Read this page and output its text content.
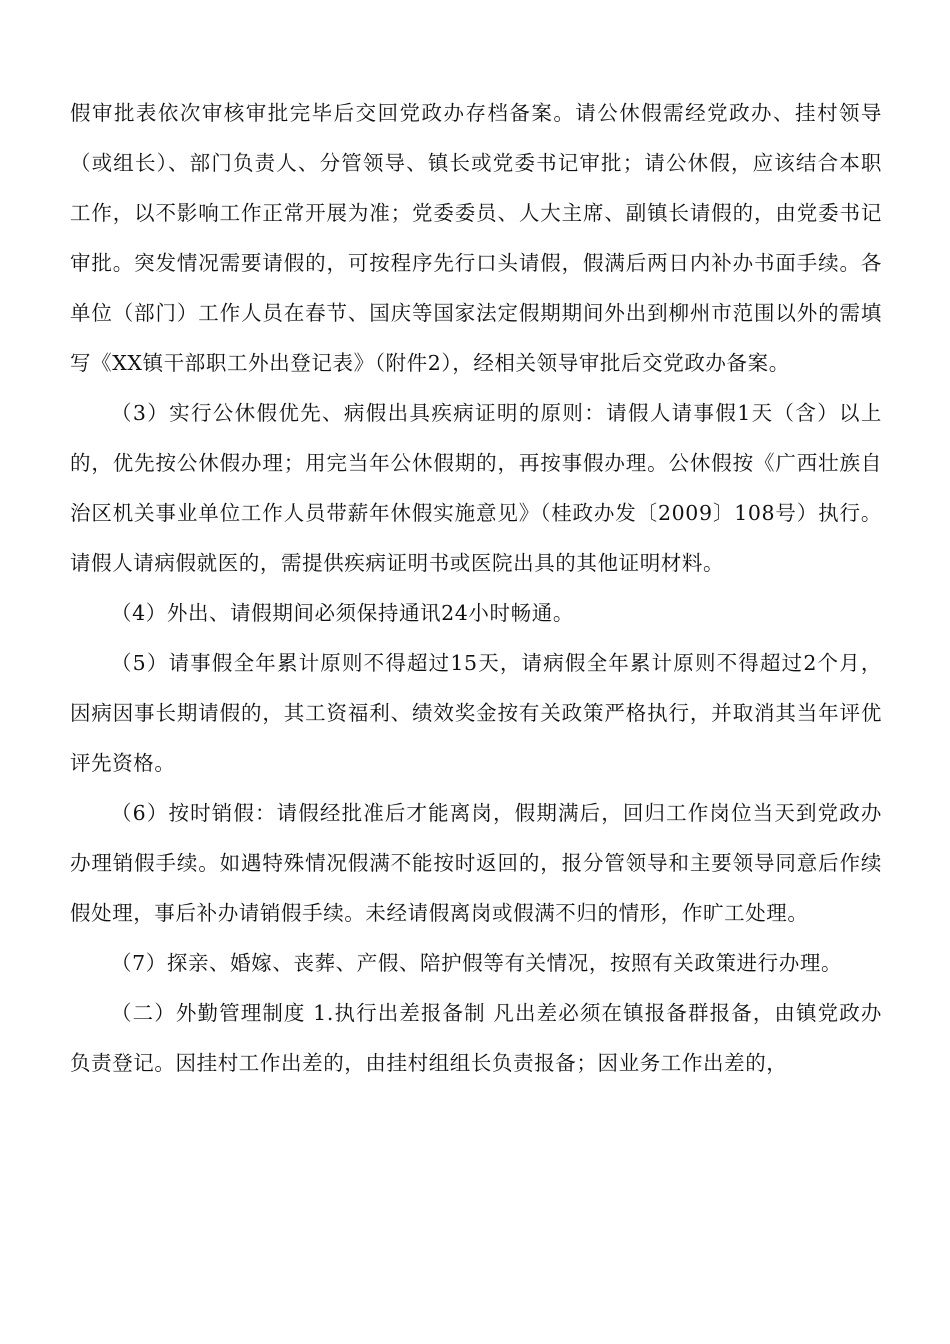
假审批表依次审核审批完毕后交回党政办存档备案。请公休假需经党政办、挂村领导（或组长）、部门负责人、分管领导、镇长或党委书记审批；请公休假，应该结合本职工作，以不影响工作正常开展为准；党委委员、人大主席、副镇长请假的，由党委书记审批。突发情况需要请假的，可按程序先行口头请假，假满后两日内补办书面手续。各单位（部门）工作人员在春节、国庆等国家法定假期期间外出到柳州市范围以外的需填写《XX镇干部职工外出登记表》（附件2），经相关领导审批后交党政办备案。

（3）实行公休假优先、病假出具疾病证明的原则：请假人请事假1天（含）以上的，优先按公休假办理；用完当年公休假期的，再按事假办理。公休假按《广西壮族自治区机关事业单位工作人员带薪年休假实施意见》（桂政办发〔2009〕108号）执行。请假人请病假就医的，需提供疾病证明书或医院出具的其他证明材料。

（4）外出、请假期间必须保持通讯24小时畅通。

（5）请事假全年累计原则不得超过15天，请病假全年累计原则不得超过2个月，因病因事长期请假的，其工资福利、绩效奖金按有关政策严格执行，并取消其当年评优评先资格。

（6）按时销假：请假经批准后才能离岗，假期满后，回归工作岗位当天到党政办办理销假手续。如遇特殊情况假满不能按时返回的，报分管领导和主要领导同意后作续假处理，事后补办请销假手续。未经请假离岗或假满不归的情形，作旷工处理。

（7）探亲、婚嫁、丧葬、产假、陪护假等有关情况，按照有关政策进行办理。

（二）外勤管理制度 1.执行出差报备制 凡出差必须在镇报备群报备，由镇党政办负责登记。因挂村工作出差的，由挂村组组长负责报备；因业务工作出差的，
